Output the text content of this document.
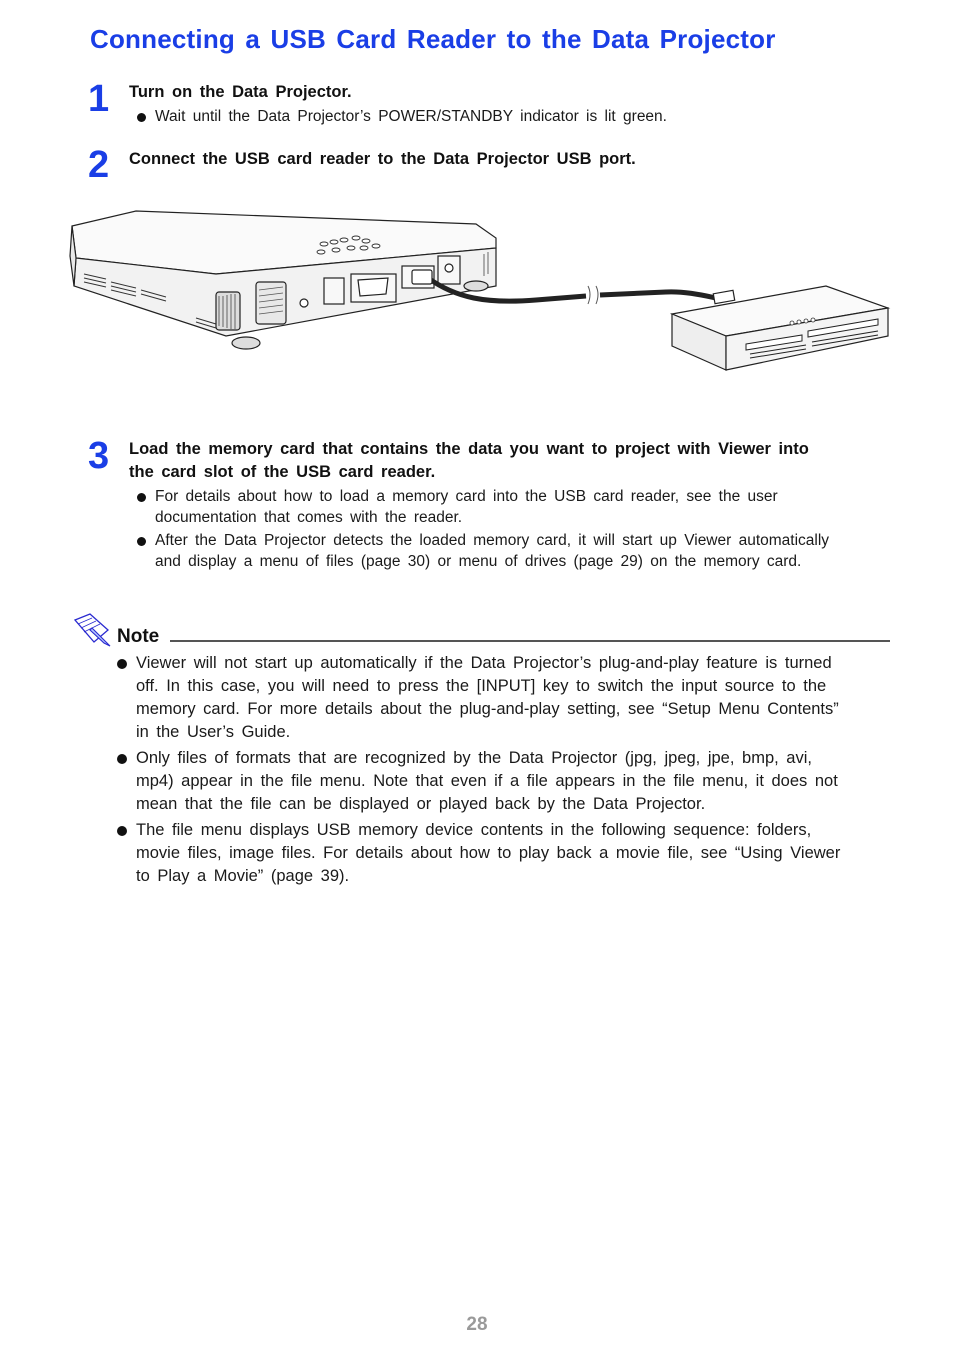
Connecting a USB Card Reader to the Data Projector
1 Turn on the Data Projector.
Wait until the Data Projector’s POWER/STANDBY indicator is lit green.
2 Connect the USB card reader to the Data Projector USB port.
3 Load the memory card that contains the data you want to project with Viewer into the card slot of the USB card reader.
For details about how to load a memory card into the USB card reader, see the user documentation that comes with the reader.
After the Data Projector detects the loaded memory card, it will start up Viewer automatically and display a menu of files (page 30) or menu of drives (page 29) on the memory card.
Note
Viewer will not start up automatically if the Data Projector’s plug-and-play feature is turned off. In this case, you will need to press the [INPUT] key to switch the input source to the memory card. For more details about the plug-and-play setting, see “Setup Menu Contents” in the User’s Guide.
Only files of formats that are recognized by the Data Projector (jpg, jpeg, jpe, bmp, avi, mp4) appear in the file menu. Note that even if a file appears in the file menu, it does not mean that the file can be displayed or played back by the Data Projector.
The file menu displays USB memory device contents in the following sequence: folders, movie files, image files. For details about how to play back a movie file, see “Using Viewer to Play a Movie” (page 39).
28
